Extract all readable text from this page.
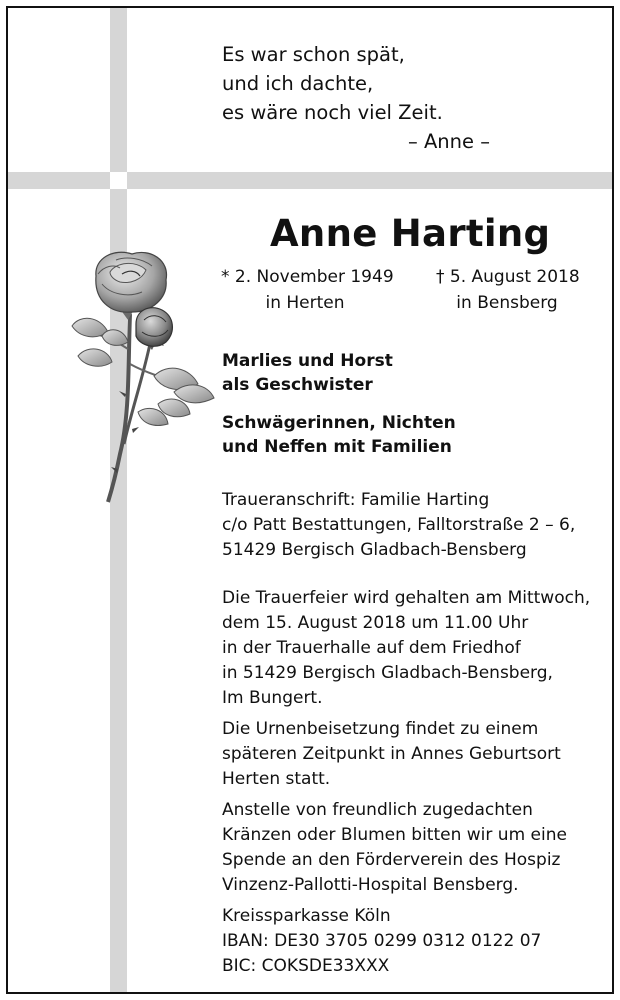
Es war schon spät,
und ich dachte,
es wäre noch viel Zeit.
– Anne –
Anne Harting
* 2. November 1949
in Herten
† 5. August 2018
in Bensberg
Marlies und Horst
als Geschwister
Schwägerinnen, Nichten
und Neffen mit Familien
Traueranschrift: Familie Harting
c/o Patt Bestattungen, Falltorstraße 2 – 6,
51429 Bergisch Gladbach-Bensberg
Die Trauerfeier wird gehalten am Mittwoch,
dem 15. August 2018 um 11.00 Uhr
in der Trauerhalle auf dem Friedhof
in 51429 Bergisch Gladbach-Bensberg,
Im Bungert.
Die Urnenbeisetzung findet zu einem
späteren Zeitpunkt in Annes Geburtsort
Herten statt.
Anstelle von freundlich zugedachten
Kränzen oder Blumen bitten wir um eine
Spende an den Förderverein des Hospiz
Vinzenz-Pallotti-Hospital Bensberg.
Kreissparkasse Köln
IBAN: DE30 3705 0299 0312 0122 07
BIC: COKSDE33XXX
